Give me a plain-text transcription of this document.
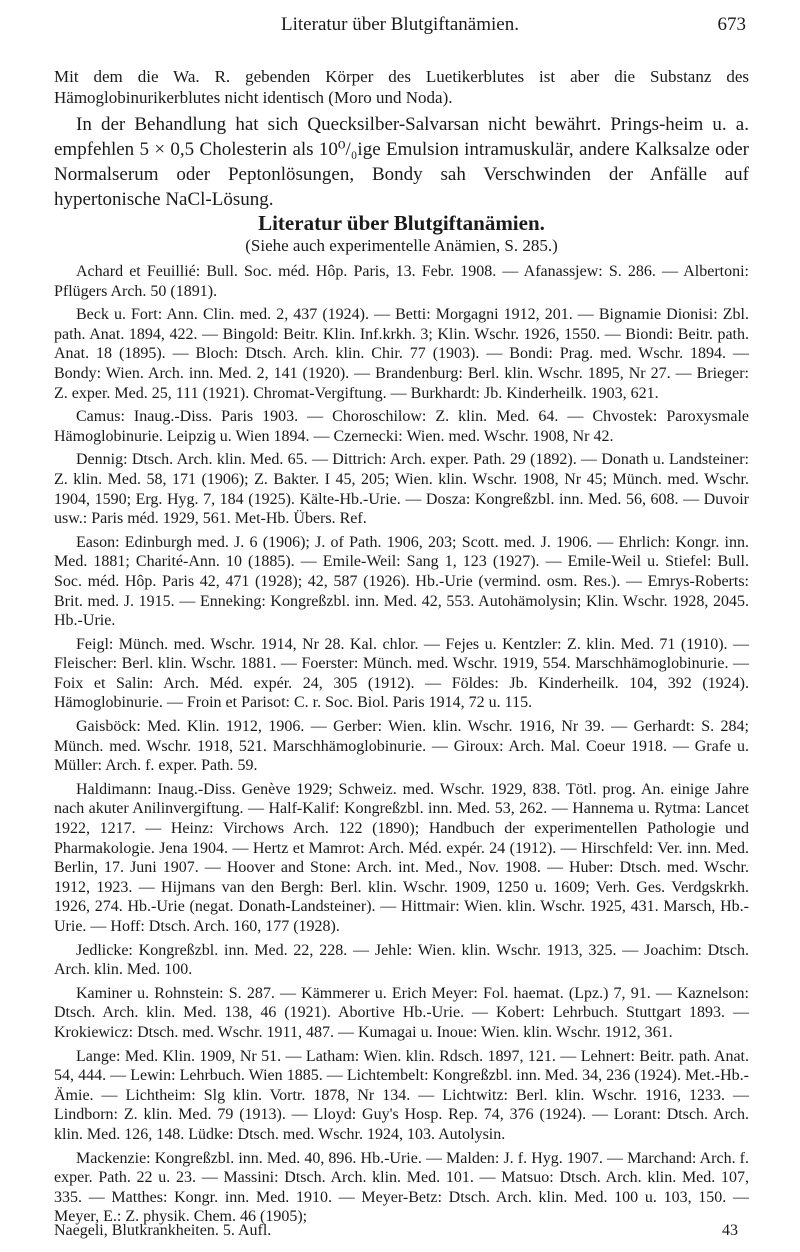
Literatur über Blutgiftanämien.	673

Mit dem die Wa. R. gebenden Körper des Luetikerblutes ist aber die Substanz des Hämoglobinurikerblutes nicht identisch (Moro und Noda).

In der Behandlung hat sich Quecksilber-Salvarsan nicht bewährt. Prings-heim u. a. empfehlen 5 × 0,5 Cholesterin als 10⁰/₀ige Emulsion intramuskulär, andere Kalksalze oder Normalserum oder Peptonlösungen, Bondy sah Verschwinden der Anfälle auf hypertonische NaCl-Lösung.

Literatur über Blutgiftanämien.
(Siehe auch experimentelle Anämien, S. 285.)

Achard et Feuillié: Bull. Soc. méd. Hôp. Paris, 13. Febr. 1908. — Afanassjew: S. 286. — Albertoni: Pflügers Arch. 50 (1891).

Beck u. Fort: Ann. Clin. med. 2, 437 (1924). — Betti: Morgagni 1912, 201. — Bignamie Dionisi: Zbl. path. Anat. 1894, 422. — Bingold: Beitr. Klin. Inf.krkh. 3; Klin. Wschr. 1926, 1550. — Biondi: Beitr. path. Anat. 18 (1895). — Bloch: Dtsch. Arch. klin. Chir. 77 (1903). — Bondi: Prag. med. Wschr. 1894. — Bondy: Wien. Arch. inn. Med. 2, 141 (1920). — Brandenburg: Berl. klin. Wschr. 1895, Nr 27. — Brieger: Z. exper. Med. 25, 111 (1921). Chromat-Vergiftung. — Burkhardt: Jb. Kinderheilk. 1903, 621.

Camus: Inaug.-Diss. Paris 1903. — Choroschilow: Z. klin. Med. 64. — Chvostek: Paroxysmale Hämoglobinurie. Leipzig u. Wien 1894. — Czernecki: Wien. med. Wschr. 1908, Nr 42.

Dennig: Dtsch. Arch. klin. Med. 65. — Dittrich: Arch. exper. Path. 29 (1892). — Donath u. Landsteiner: Z. klin. Med. 58, 171 (1906); Z. Bakter. I 45, 205; Wien. klin. Wschr. 1908, Nr 45; Münch. med. Wschr. 1904, 1590; Erg. Hyg. 7, 184 (1925). Kälte-Hb.-Urie. — Dosza: Kongreßzbl. inn. Med. 56, 608. — Duvoir usw.: Paris méd. 1929, 561. Met-Hb. Übers. Ref.

Eason: Edinburgh med. J. 6 (1906); J. of Path. 1906, 203; Scott. med. J. 1906. — Ehrlich: Kongr. inn. Med. 1881; Charité-Ann. 10 (1885). — Emile-Weil: Sang 1, 123 (1927). — Emile-Weil u. Stiefel: Bull. Soc. méd. Hôp. Paris 42, 471 (1928); 42, 587 (1926). Hb.-Urie (vermind. osm. Res.). — Emrys-Roberts: Brit. med. J. 1915. — Enneking: Kongreßzbl. inn. Med. 42, 553. Autohämolysin; Klin. Wschr. 1928, 2045. Hb.-Urie.

Feigl: Münch. med. Wschr. 1914, Nr 28. Kal. chlor. — Fejes u. Kentzler: Z. klin. Med. 71 (1910). — Fleischer: Berl. klin. Wschr. 1881. — Foerster: Münch. med. Wschr. 1919, 554. Marschhämoglobinurie. — Foix et Salin: Arch. Méd. expér. 24, 305 (1912). — Földes: Jb. Kinderheilk. 104, 392 (1924). Hämoglobinurie. — Froin et Parisot: C. r. Soc. Biol. Paris 1914, 72 u. 115.

Gaisböck: Med. Klin. 1912, 1906. — Gerber: Wien. klin. Wschr. 1916, Nr 39. — Gerhardt: S. 284; Münch. med. Wschr. 1918, 521. Marschhämoglobinurie. — Giroux: Arch. Mal. Coeur 1918. — Grafe u. Müller: Arch. f. exper. Path. 59.

Haldimann: Inaug.-Diss. Genève 1929; Schweiz. med. Wschr. 1929, 838. Tötl. prog. An. einige Jahre nach akuter Anilinvergiftung. — Half-Kalif: Kongreßzbl. inn. Med. 53, 262. — Hannema u. Rytma: Lancet 1922, 1217. — Heinz: Virchows Arch. 122 (1890); Handbuch der experimentellen Pathologie und Pharmakologie. Jena 1904. — Hertz et Mamrot: Arch. Méd. expér. 24 (1912). — Hirschfeld: Ver. inn. Med. Berlin, 17. Juni 1907. — Hoover and Stone: Arch. int. Med., Nov. 1908. — Huber: Dtsch. med. Wschr. 1912, 1923. — Hijmans van den Bergh: Berl. klin. Wschr. 1909, 1250 u. 1609; Verh. Ges. Verdgskrkh. 1926, 274. Hb.-Urie (negat. Donath-Landsteiner). — Hittmair: Wien. klin. Wschr. 1925, 431. Marsch, Hb.-Urie. — Hoff: Dtsch. Arch. 160, 177 (1928).

Jedlicke: Kongreßzbl. inn. Med. 22, 228. — Jehle: Wien. klin. Wschr. 1913, 325. — Joachim: Dtsch. Arch. klin. Med. 100.

Kaminer u. Rohnstein: S. 287. — Kämmerer u. Erich Meyer: Fol. haemat. (Lpz.) 7, 91. — Kaznelson: Dtsch. Arch. klin. Med. 138, 46 (1921). Abortive Hb.-Urie. — Kobert: Lehrbuch. Stuttgart 1893. — Krokiewicz: Dtsch. med. Wschr. 1911, 487. — Kumagai u. Inoue: Wien. klin. Wschr. 1912, 361.

Lange: Med. Klin. 1909, Nr 51. — Latham: Wien. klin. Rdsch. 1897, 121. — Lehnert: Beitr. path. Anat. 54, 444. — Lewin: Lehrbuch. Wien 1885. — Lichtembelt: Kongreßzbl. inn. Med. 34, 236 (1924). Met.-Hb.-Ämie. — Lichtheim: Slg klin. Vortr. 1878, Nr 134. — Lichtwitz: Berl. klin. Wschr. 1916, 1233. — Lindborn: Z. klin. Med. 79 (1913). — Lloyd: Guy's Hosp. Rep. 74, 376 (1924). — Lorant: Dtsch. Arch. klin. Med. 126, 148. Lüdke: Dtsch. med. Wschr. 1924, 103. Autolysin.

Mackenzie: Kongreßzbl. inn. Med. 40, 896. Hb.-Urie. — Malden: J. f. Hyg. 1907. — Marchand: Arch. f. exper. Path. 22 u. 23. — Massini: Dtsch. Arch. klin. Med. 101. — Matsuo: Dtsch. Arch. klin. Med. 107, 335. — Matthes: Kongr. inn. Med. 1910. — Meyer-Betz: Dtsch. Arch. klin. Med. 100 u. 103, 150. — Meyer, E.: Z. physik. Chem. 46 (1905);

Naegeli, Blutkrankheiten. 5. Aufl.	43
